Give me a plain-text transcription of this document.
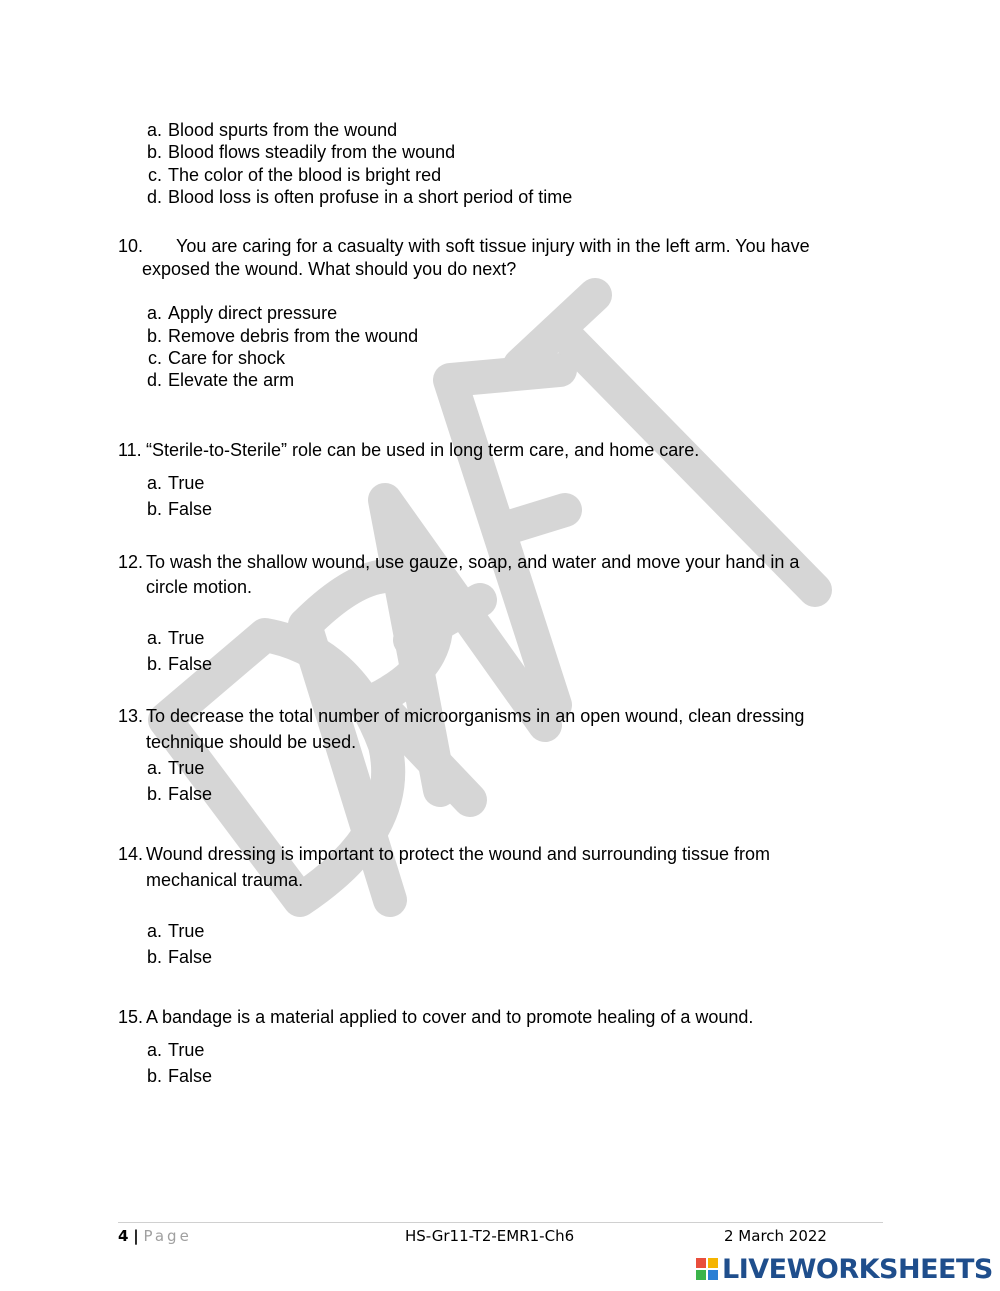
a. Blood spurts from the wound
b. Blood flows steadily from the wound
c. The color of the blood is bright red
d. Blood loss is often profuse in a short period of time
10. You are caring for a casualty with soft tissue injury with in the left arm. You have
exposed the wound. What should you do next?
a. Apply direct pressure
b. Remove debris from the wound
c. Care for shock
d. Elevate the arm
11. “Sterile-to-Sterile” role can be used in long term care, and home care.
a. True
b. False
12. To wash the shallow wound, use gauze, soap, and water and move your hand in a
circle motion.
a. True
b. False
13. To decrease the total number of microorganisms in an open wound, clean dressing
technique should be used.
a. True
b. False
14. Wound dressing is important to protect the wound and surrounding tissue from
mechanical trauma.
a. True
b. False
15. A bandage is a material applied to cover and to promote healing of a wound.
a. True
b. False
4 | Page	HS-Gr11-T2-EMR1-Ch6	2 March 2022
LIVEWORKSHEETS
